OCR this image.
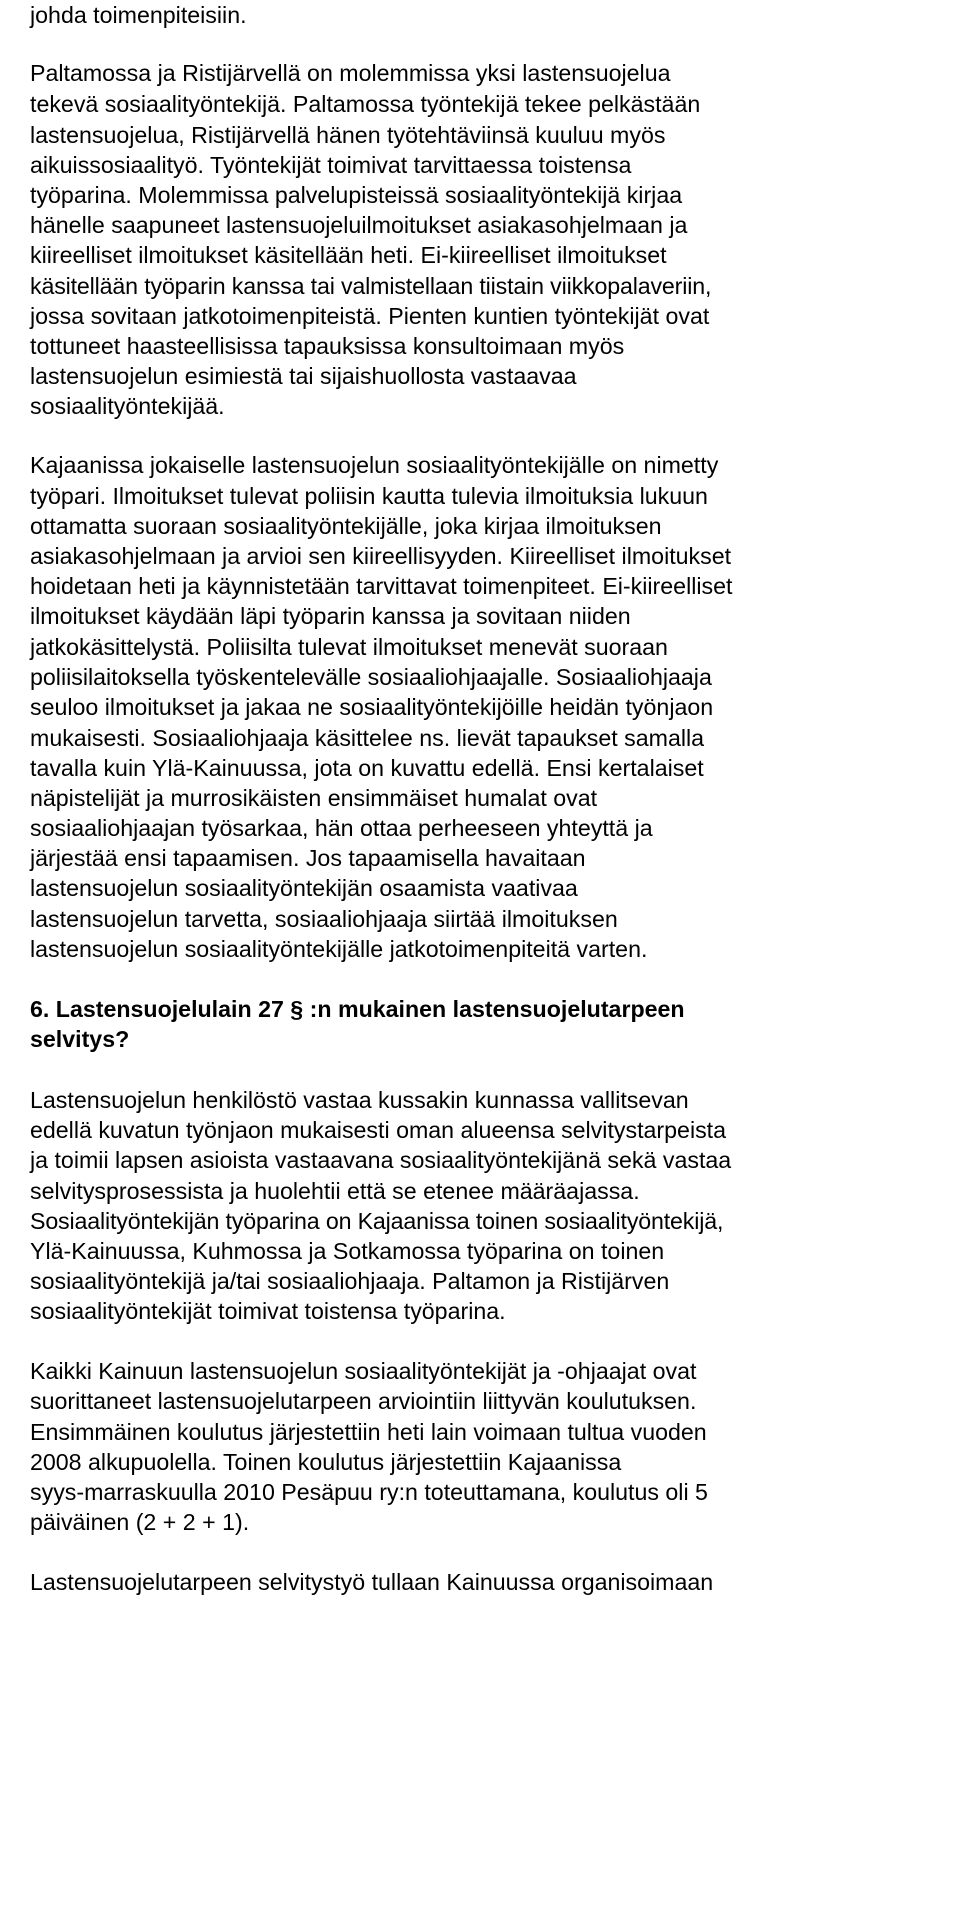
johda toimenpiteisiin.
Paltamossa ja Ristijärvellä on molemmissa yksi lastensuojelua
tekevä sosiaalityöntekijä. Paltamossa työntekijä tekee pelkästään
lastensuojelua, Ristijärvellä hänen työtehtäviinsä kuuluu myös
aikuissosiaalityö. Työntekijät toimivat tarvittaessa toistensa
työparina. Molemmissa palvelupisteissä sosiaalityöntekijä kirjaa
hänelle saapuneet lastensuojeluilmoitukset asiakasohjelmaan ja
kiireelliset ilmoitukset käsitellään heti. Ei-kiireelliset ilmoitukset
käsitellään työparin kanssa tai valmistellaan tiistain viikkopalaveriin,
jossa sovitaan jatkotoimenpiteistä. Pienten kuntien työntekijät ovat
tottuneet haasteellisissa tapauksissa konsultoimaan myös
lastensuojelun esimiestä tai sijaishuollosta vastaavaa
sosiaalityöntekijää.
Kajaanissa jokaiselle lastensuojelun sosiaalityöntekijälle on nimetty
työpari. Ilmoitukset tulevat poliisin kautta tulevia ilmoituksia lukuun
ottamatta suoraan sosiaalityöntekijälle, joka kirjaa ilmoituksen
asiakasohjelmaan ja arvioi sen kiireellisyyden. Kiireelliset ilmoitukset
hoidetaan heti ja käynnistetään tarvittavat toimenpiteet. Ei-kiireelliset
ilmoitukset käydään läpi työparin kanssa ja sovitaan niiden
jatkokäsittelystä. Poliisilta tulevat ilmoitukset menevät suoraan
poliisilaitoksella työskentelevälle sosiaaliohjaajalle. Sosiaaliohjaaja
seuloo ilmoitukset ja jakaa ne sosiaalityöntekijöille heidän työnjaon
mukaisesti. Sosiaaliohjaaja käsittelee ns. lievät tapaukset samalla
tavalla kuin Ylä-Kainuussa, jota on kuvattu edellä. Ensi kertalaiset
näpistelijät ja murrosikäisten ensimmäiset humalat ovat
sosiaaliohjaajan työsarkaa, hän ottaa perheeseen yhteyttä ja
järjestää ensi tapaamisen. Jos tapaamisella havaitaan
lastensuojelun sosiaalityöntekijän osaamista vaativaa
lastensuojelun tarvetta, sosiaaliohjaaja siirtää ilmoituksen
lastensuojelun sosiaalityöntekijälle jatkotoimenpiteitä varten.
6. Lastensuojelulain 27 § :n mukainen lastensuojelutarpeen
selvitys?
Lastensuojelun henkilöstö vastaa kussakin kunnassa vallitsevan
edellä kuvatun työnjaon mukaisesti oman alueensa selvitystarpeista
ja toimii lapsen asioista vastaavana sosiaalityöntekijänä sekä vastaa
selvitysprosessista ja huolehtii että se etenee määräajassa.
Sosiaalityöntekijän työparina on Kajaanissa toinen sosiaalityöntekijä,
Ylä-Kainuussa, Kuhmossa ja Sotkamossa työparina on toinen
sosiaalityöntekijä ja/tai sosiaaliohjaaja. Paltamon ja Ristijärven
sosiaalityöntekijät toimivat toistensa työparina.
Kaikki Kainuun lastensuojelun sosiaalityöntekijät ja -ohjaajat ovat
suorittaneet lastensuojelutarpeen arviointiin liittyvän koulutuksen.
Ensimmäinen koulutus järjestettiin heti lain voimaan tultua vuoden
2008 alkupuolella. Toinen koulutus järjestettiin Kajaanissa
syys-marraskuulla 2010 Pesäpuu ry:n toteuttamana, koulutus oli 5
päiväinen (2 + 2 + 1).
Lastensuojelutarpeen selvitystyö tullaan Kainuussa organisoimaan
